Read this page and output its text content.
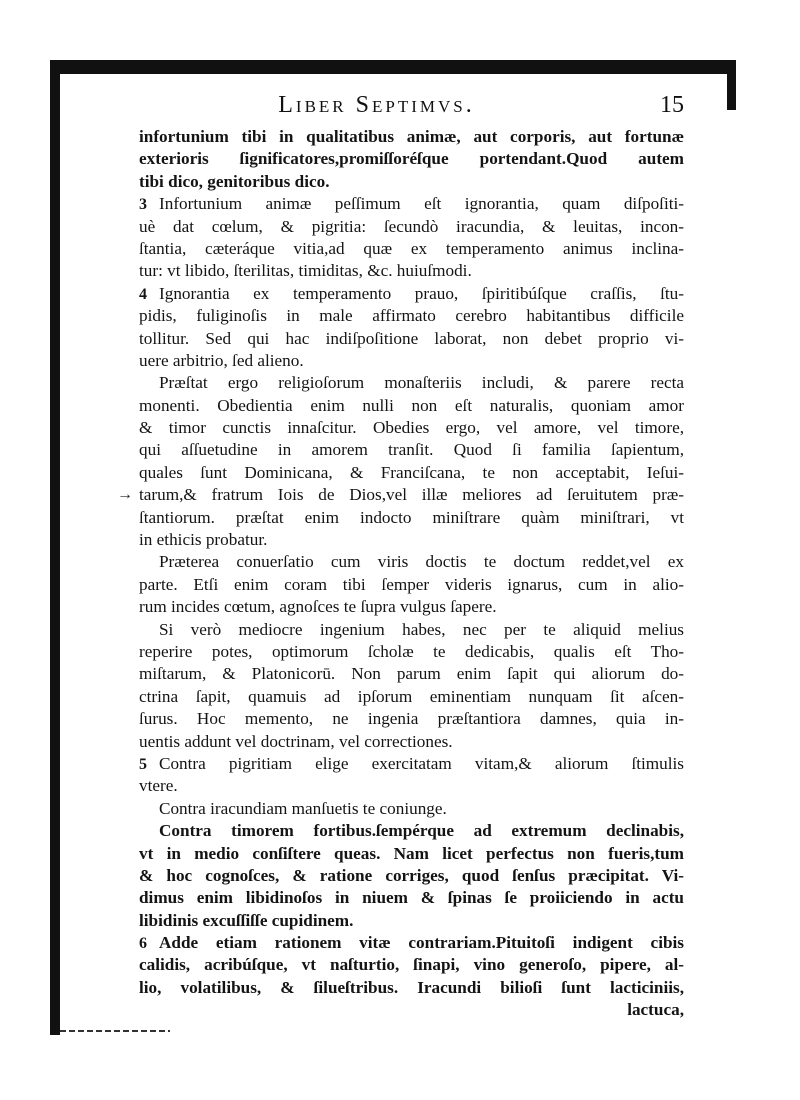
Liber Septimvs.	15
infortunium tibi in qualitatibus animæ, aut corporis, aut fortunæ
exterioris ſignificatores,promiſſoréſque portendant.Quod autem
tibi dico, genitoribus dico.
3 Infortunium animæ peſſimum eſt ignorantia, quam diſpoſiti-
uè dat cœlum, & pigritia: ſecundò iracundia, & leuitas, incon-
ſtantia, cæteráque vitia,ad quæ ex temperamento animus inclina-
tur: vt libido, ſterilitas, timiditas, &c. huiuſmodi.
4 Ignorantia ex temperamento prauo, ſpiritibúſque craſſis, ſtu-
pidis, fuliginoſis in male affirmato cerebro habitantibus difficile
tollitur. Sed qui hac indiſpoſitione laborat, non debet proprio vi-
uere arbitrio, ſed alieno.
Præſtat ergo religioſorum monaſteriis includi, & parere recta
monenti. Obedientia enim nulli non eſt naturalis, quoniam amor
& timor cunctis innaſcitur. Obedies ergo, vel amore, vel timore,
qui aſſuetudine in amorem tranſit. Quod ſi familia ſapientum,
quales ſunt Dominicana, & Franciſcana, te non acceptabit, Ieſui-
→ tarum,& fratrum Iois de Dios,vel illæ meliores ad ſeruitutem præ-
ſtantiorum. præſtat enim indocto miniſtrare quàm miniſtrari, vt
in ethicis probatur.
Præterea conuerſatio cum viris doctis te doctum reddet,vel ex
parte. Etſi enim coram tibi ſemper videris ignarus, cum in alio-
rum incides cœtum, agnoſces te ſupra vulgus ſapere.
Si verò mediocre ingenium habes, nec per te aliquid melius
reperire potes, optimorum ſcholæ te dedicabis, qualis eſt Tho-
miſtarum, & Platonicorū. Non parum enim ſapit qui aliorum do-
ctrina ſapit, quamuis ad ipſorum eminentiam nunquam ſit aſcen-
ſurus. Hoc memento, ne ingenia præſtantiora damnes, quia in-
uentis addunt vel doctrinam, vel correctiones.
5 Contra pigritiam elige exercitatam vitam,& aliorum ſtimulis
vtere.
Contra iracundiam manſuetis te coniunge.
Contra timorem fortibus.ſempérque ad extremum declinabis,
vt in medio conſiſtere queas. Nam licet perfectus non fueris,tum
& hoc cognoſces, & ratione corriges, quod ſenſus præcipitat. Vi-
dimus enim libidinoſos in niuem & ſpinas ſe proiiciendo in actu
libidinis excuſſiſſe cupidinem.
6 Adde etiam rationem vitæ contrariam.Pituitoſi indigent cibis
calidis, acribúſque, vt naſturtio, ſinapi, vino generoſo, pipere, al-
lio, volatilibus, & ſilueſtribus. Iracundi bilioſi ſunt lacticiniis,
lactuca,
